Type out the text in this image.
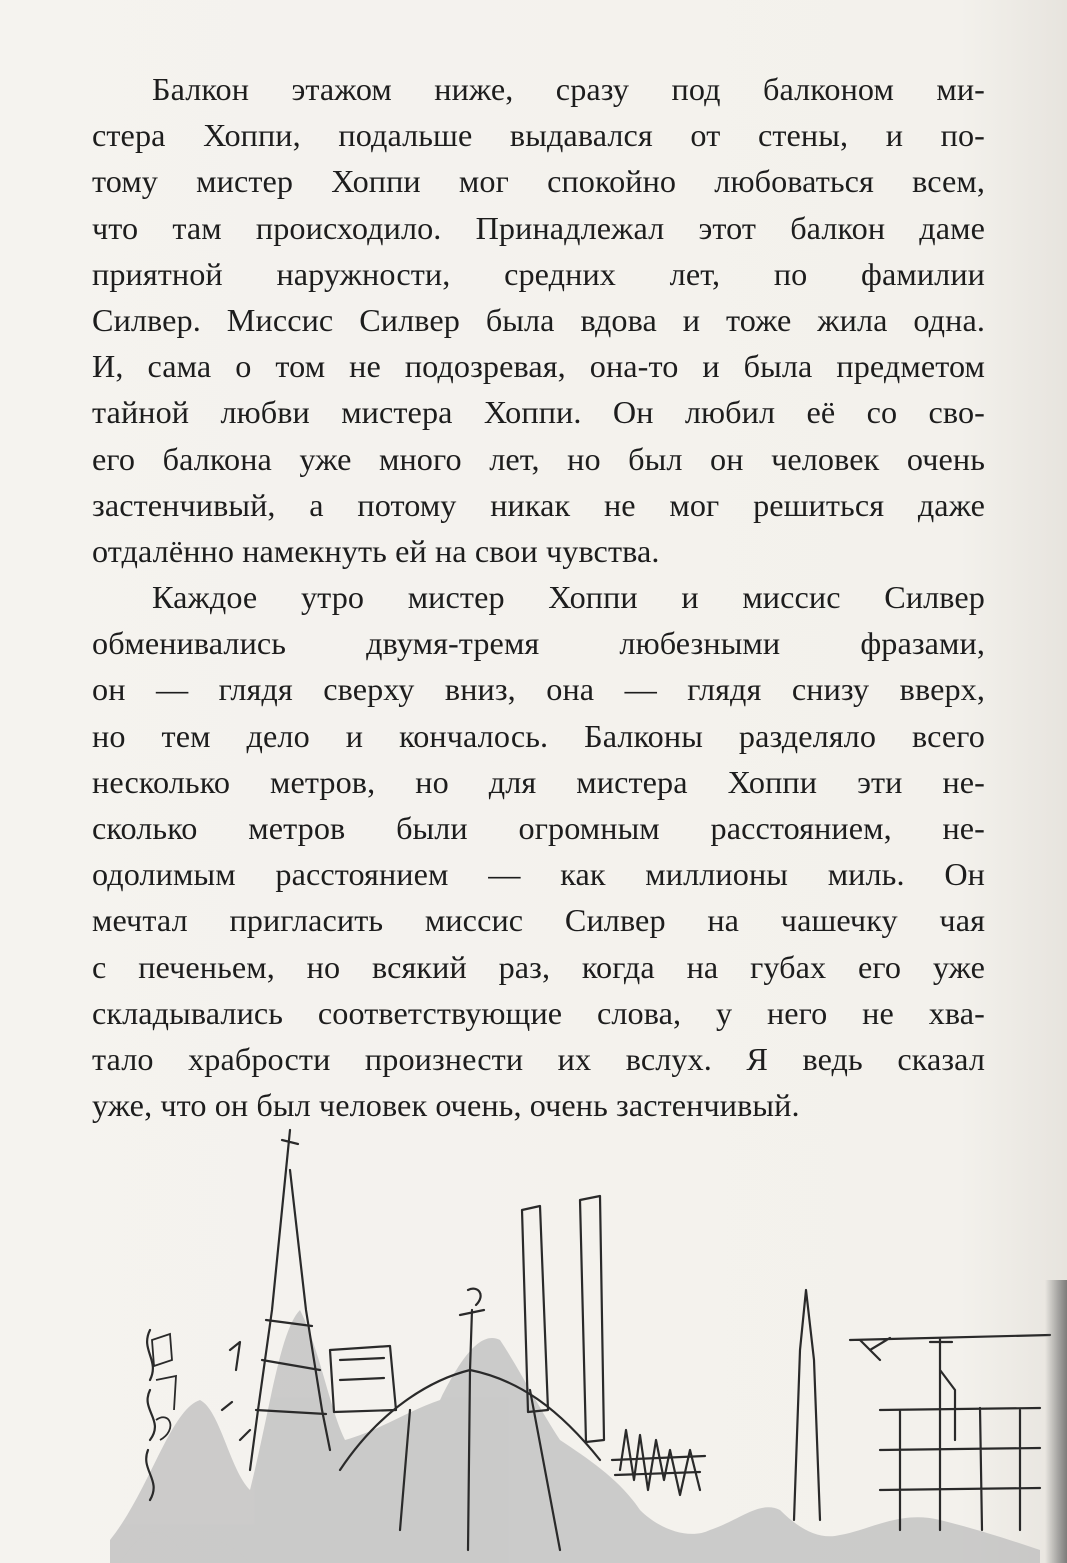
Балкон этажом ниже, сразу под балконом ми-
стера Хоппи, подальше выдавался от стены, и по-
тому мистер Хоппи мог спокойно любоваться всем,
что там происходило. Принадлежал этот балкон даме
приятной наружности, средних лет, по фамилии
Силвер. Миссис Силвер была вдова и тоже жила одна.
И, сама о том не подозревая, она-то и была предметом
тайной любви мистера Хоппи. Он любил её со сво-
его балкона уже много лет, но был он человек очень
застенчивый, а потому никак не мог решиться даже
отдалённо намекнуть ей на свои чувства.
Каждое утро мистер Хоппи и миссис Силвер
обменивались двумя-тремя любезными фразами,
он — глядя сверху вниз, она — глядя снизу вверх,
но тем дело и кончалось. Балконы разделяло всего
несколько метров, но для мистера Хоппи эти не-
сколько метров были огромным расстоянием, не-
одолимым расстоянием — как миллионы миль. Он
мечтал пригласить миссис Силвер на чашечку чая
с печеньем, но всякий раз, когда на губах его уже
складывались соответствующие слова, у него не хва-
тало храбрости произнести их вслух. Я ведь сказал
уже, что он был человек очень, очень застенчивый.
